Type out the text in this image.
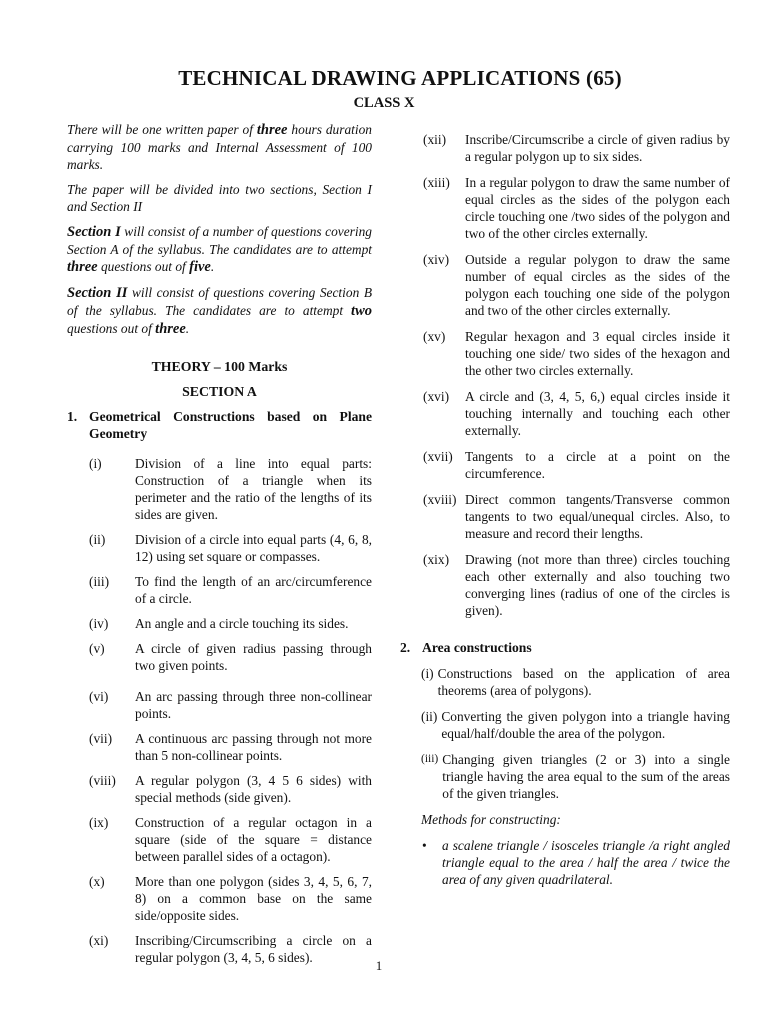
TECHNICAL DRAWING APPLICATIONS (65)
CLASS X

There will be one written paper of three hours duration carrying 100 marks and Internal Assessment of 100 marks.

The paper will be divided into two sections, Section I and Section II

Section I will consist of a number of questions covering Section A of the syllabus. The candidates are to attempt three questions out of five.

Section II will consist of questions covering Section B of the syllabus. The candidates are to attempt two questions out of three.

THEORY – 100 Marks

SECTION A

1. Geometrical Constructions based on Plane Geometry
(i)	Division of a line into equal parts: Construction of a triangle when its perimeter and the ratio of the lengths of its sides are given.
(ii)	Division of a circle into equal parts (4, 6, 8, 12) using set square or compasses.
(iii)	To find the length of an arc/circumference of a circle.
(iv)	An angle and a circle touching its sides.
(v)	A circle of given radius passing through two given points.
(vi)	An arc passing through three non-collinear points.
(vii)	A continuous arc passing through not more than 5 non-collinear points.
(viii)	A regular polygon (3, 4 5 6 sides) with special methods (side given).
(ix)	Construction of a regular octagon in a square (side of the square = distance between parallel sides of a octagon).
(x)	More than one polygon (sides 3, 4, 5, 6, 7, 8) on a common base on the same side/opposite sides.
(xi)	Inscribing/Circumscribing a circle on a regular polygon (3, 4, 5, 6 sides).
(xii)	Inscribe/Circumscribe a circle of given radius by a regular polygon up to six sides.
(xiii)	In a regular polygon to draw the same number of equal circles as the sides of the polygon each circle touching one /two sides of the polygon and two of the other circles externally.
(xiv)	Outside a regular polygon to draw the same number of equal circles as the sides of the polygon each touching one side of the polygon and two of the other circles externally.
(xv)	Regular hexagon and 3 equal circles inside it touching one side/ two sides of the hexagon and the other two circles externally.
(xvi)	A circle and (3, 4, 5, 6,) equal circles inside it touching internally and touching each other externally.
(xvii) Tangents to a circle at a point on the circumference.
(xviii) Direct common tangents/Transverse common tangents to two equal/unequal circles. Also, to measure and record their lengths.
(xix)	Drawing (not more than three) circles touching each other externally and also touching two converging lines (radius of one of the circles is given).
2. Area constructions
(i) Constructions based on the application of area theorems (area of polygons).
(ii) Converting the given polygon into a triangle having equal/half/double the area of the polygon.
(iii) Changing given triangles (2 or 3) into a single triangle having the area equal to the sum of the areas of the given triangles.

Methods for constructing:

•	a scalene triangle / isosceles triangle /a right angled triangle equal to the area / half the area / twice the area of any given quadrilateral.
1
